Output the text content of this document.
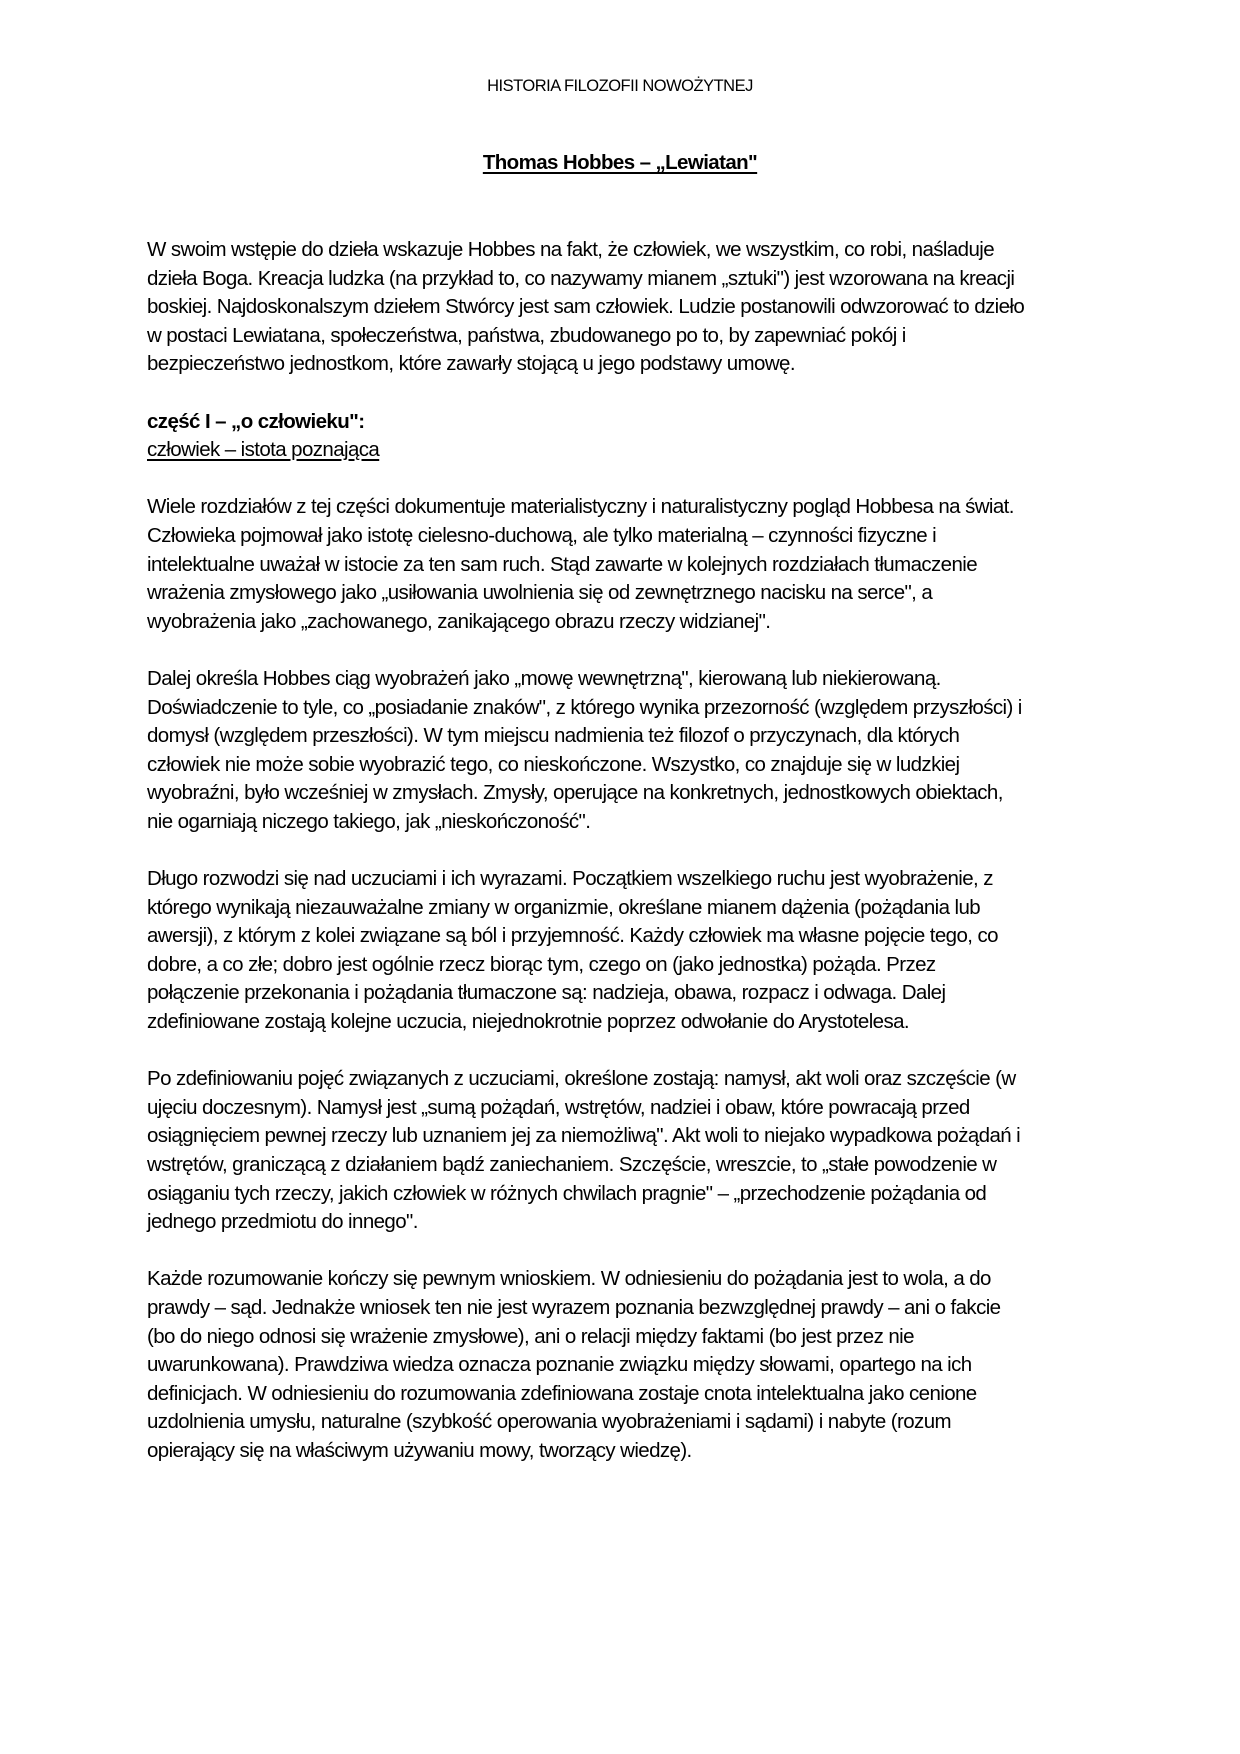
HISTORIA FILOZOFII NOWOŻYTNEJ
Thomas Hobbes – „Lewiatan"

W swoim wstępie do dzieła wskazuje Hobbes na fakt, że człowiek, we wszystkim, co robi, naśladuje
dzieła Boga. Kreacja ludzka (na przykład to, co nazywamy mianem „sztuki") jest wzorowana na kreacji
boskiej. Najdoskonalszym dziełem Stwórcy jest sam człowiek. Ludzie postanowili odwzorować to dzieło
w postaci Lewiatana, społeczeństwa, państwa, zbudowanego po to, by zapewniać pokój i
bezpieczeństwo jednostkom, które zawarły stojącą u jego podstawy umowę.

część I – „o człowieku":
człowiek – istota poznająca

Wiele rozdziałów z tej części dokumentuje materialistyczny i naturalistyczny pogląd Hobbesa na świat.
Człowieka pojmował jako istotę cielesno-duchową, ale tylko materialną – czynności fizyczne i
intelektualne uważał w istocie za ten sam ruch. Stąd zawarte w kolejnych rozdziałach tłumaczenie
wrażenia zmysłowego jako „usiłowania uwolnienia się od zewnętrznego nacisku na serce", a
wyobrażenia jako „zachowanego, zanikającego obrazu rzeczy widzianej".

Dalej określa Hobbes ciąg wyobrażeń jako „mowę wewnętrzną", kierowaną lub niekierowaną.
Doświadczenie to tyle, co „posiadanie znaków", z którego wynika przezorność (względem przyszłości) i
domysł (względem przeszłości). W tym miejscu nadmienia też filozof o przyczynach, dla których
człowiek nie może sobie wyobrazić tego, co nieskończone. Wszystko, co znajduje się w ludzkiej
wyobraźni, było wcześniej w zmysłach. Zmysły, operujące na konkretnych, jednostkowych obiektach,
nie ogarniają niczego takiego, jak „nieskończoność".

Długo rozwodzi się nad uczuciami i ich wyrazami. Początkiem wszelkiego ruchu jest wyobrażenie, z
którego wynikają niezauważalne zmiany w organizmie, określane mianem dążenia (pożądania lub
awersji), z którym z kolei związane są ból i przyjemność. Każdy człowiek ma własne pojęcie tego, co
dobre, a co złe; dobro jest ogólnie rzecz biorąc tym, czego on (jako jednostka) pożąda. Przez
połączenie przekonania i pożądania tłumaczone są: nadzieja, obawa, rozpacz i odwaga. Dalej
zdefiniowane zostają kolejne uczucia, niejednokrotnie poprzez odwołanie do Arystotelesa.

Po zdefiniowaniu pojęć związanych z uczuciami, określone zostają: namysł, akt woli oraz szczęście (w
ujęciu doczesnym). Namysł jest „sumą pożądań, wstrętów, nadziei i obaw, które powracają przed
osiągnięciem pewnej rzeczy lub uznaniem jej za niemożliwą". Akt woli to niejako wypadkowa pożądań i
wstrętów, graniczącą z działaniem bądź zaniechaniem. Szczęście, wreszcie, to „stałe powodzenie w
osiąganiu tych rzeczy, jakich człowiek w różnych chwilach pragnie" – „przechodzenie pożądania od
jednego przedmiotu do innego".

Każde rozumowanie kończy się pewnym wnioskiem. W odniesieniu do pożądania jest to wola, a do
prawdy – sąd. Jednakże wniosek ten nie jest wyrazem poznania bezwzględnej prawdy – ani o fakcie
(bo do niego odnosi się wrażenie zmysłowe), ani o relacji między faktami (bo jest przez nie
uwarunkowana). Prawdziwa wiedza oznacza poznanie związku między słowami, opartego na ich
definicjach. W odniesieniu do rozumowania zdefiniowana zostaje cnota intelektualna jako cenione
uzdolnienia umysłu, naturalne (szybkość operowania wyobrażeniami i sądami) i nabyte (rozum
opierający się na właściwym używaniu mowy, tworzący wiedzę).
